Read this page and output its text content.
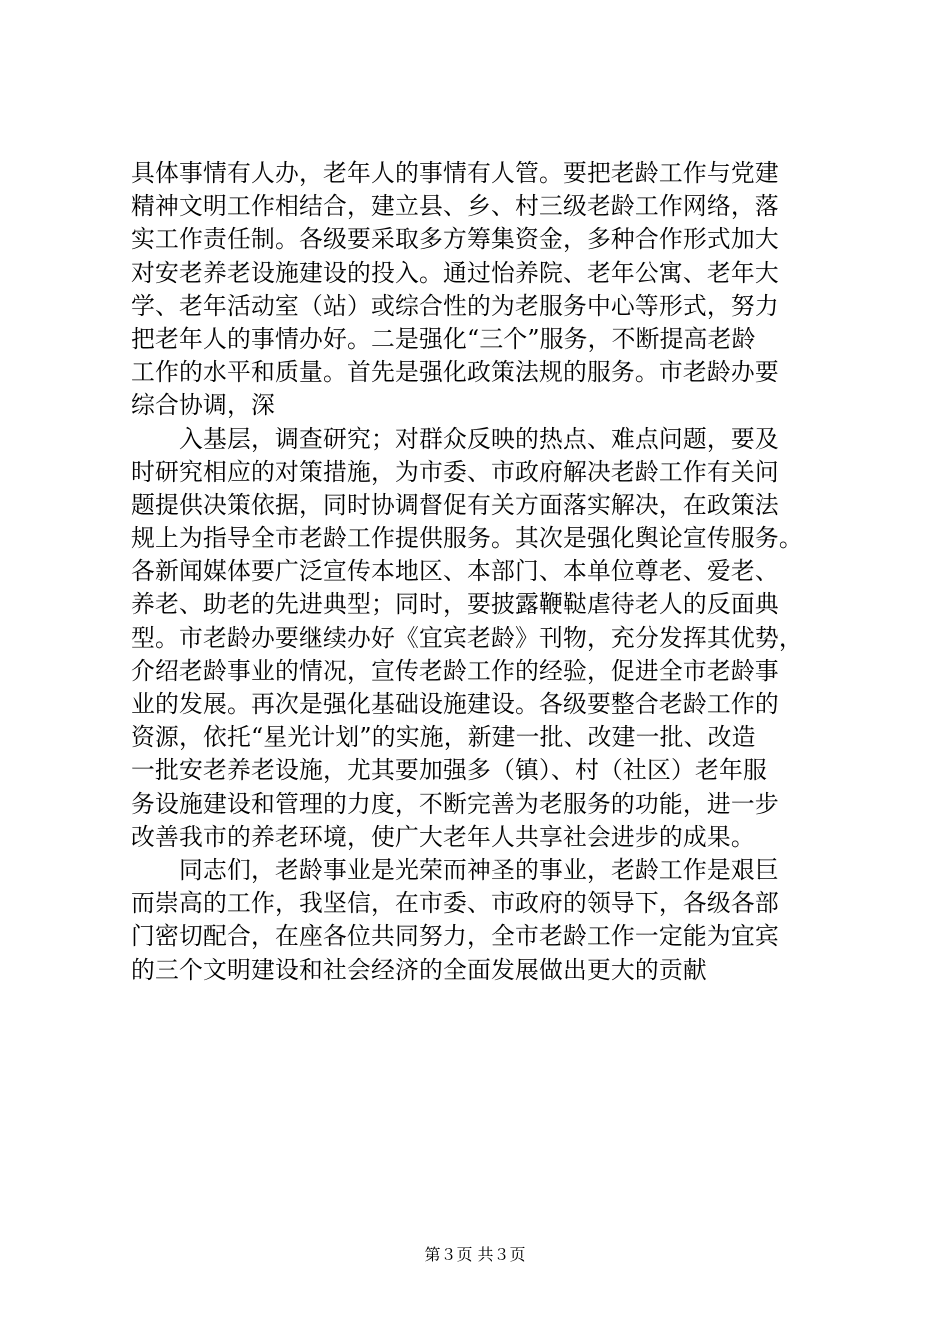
具体事情有人办，老年人的事情有人管。要把老龄工作与党建
精神文明工作相结合，建立县、乡、村三级老龄工作网络，落
实工作责任制。各级要采取多方筹集资金，多种合作形式加大
对安老养老设施建设的投入。通过怡养院、老年公寓、老年大
学、老年活动室（站）或综合性的为老服务中心等形式，努力
把老年人的事情办好。二是强化“三个”服务，不断提高老龄
工作的水平和质量。首先是强化政策法规的服务。市老龄办要
综合协调，深
入基层，调查研究；对群众反映的热点、难点问题，要及
时研究相应的对策措施，为市委、市政府解决老龄工作有关问
题提供决策依据，同时协调督促有关方面落实解决，在政策法
规上为指导全市老龄工作提供服务。其次是强化舆论宣传服务。
各新闻媒体要广泛宣传本地区、本部门、本单位尊老、爱老、
养老、助老的先进典型；同时，要披露鞭鞑虐待老人的反面典
型。市老龄办要继续办好《宜宾老龄》刊物，充分发挥其优势，
介绍老龄事业的情况，宣传老龄工作的经验，促进全市老龄事
业的发展。再次是强化基础设施建设。各级要整合老龄工作的
资源，依托“星光计划”的实施，新建一批、改建一批、改造
一批安老养老设施，尤其要加强多（镇）、村（社区）老年服
务设施建设和管理的力度，不断完善为老服务的功能，进一步
改善我市的养老环境，使广大老年人共享社会进步的成果。
同志们，老龄事业是光荣而神圣的事业，老龄工作是艰巨
而崇高的工作，我坚信，在市委、市政府的领导下，各级各部
门密切配合，在座各位共同努力，全市老龄工作一定能为宜宾
的三个文明建设和社会经济的全面发展做出更大的贡献
第３页 共３页
